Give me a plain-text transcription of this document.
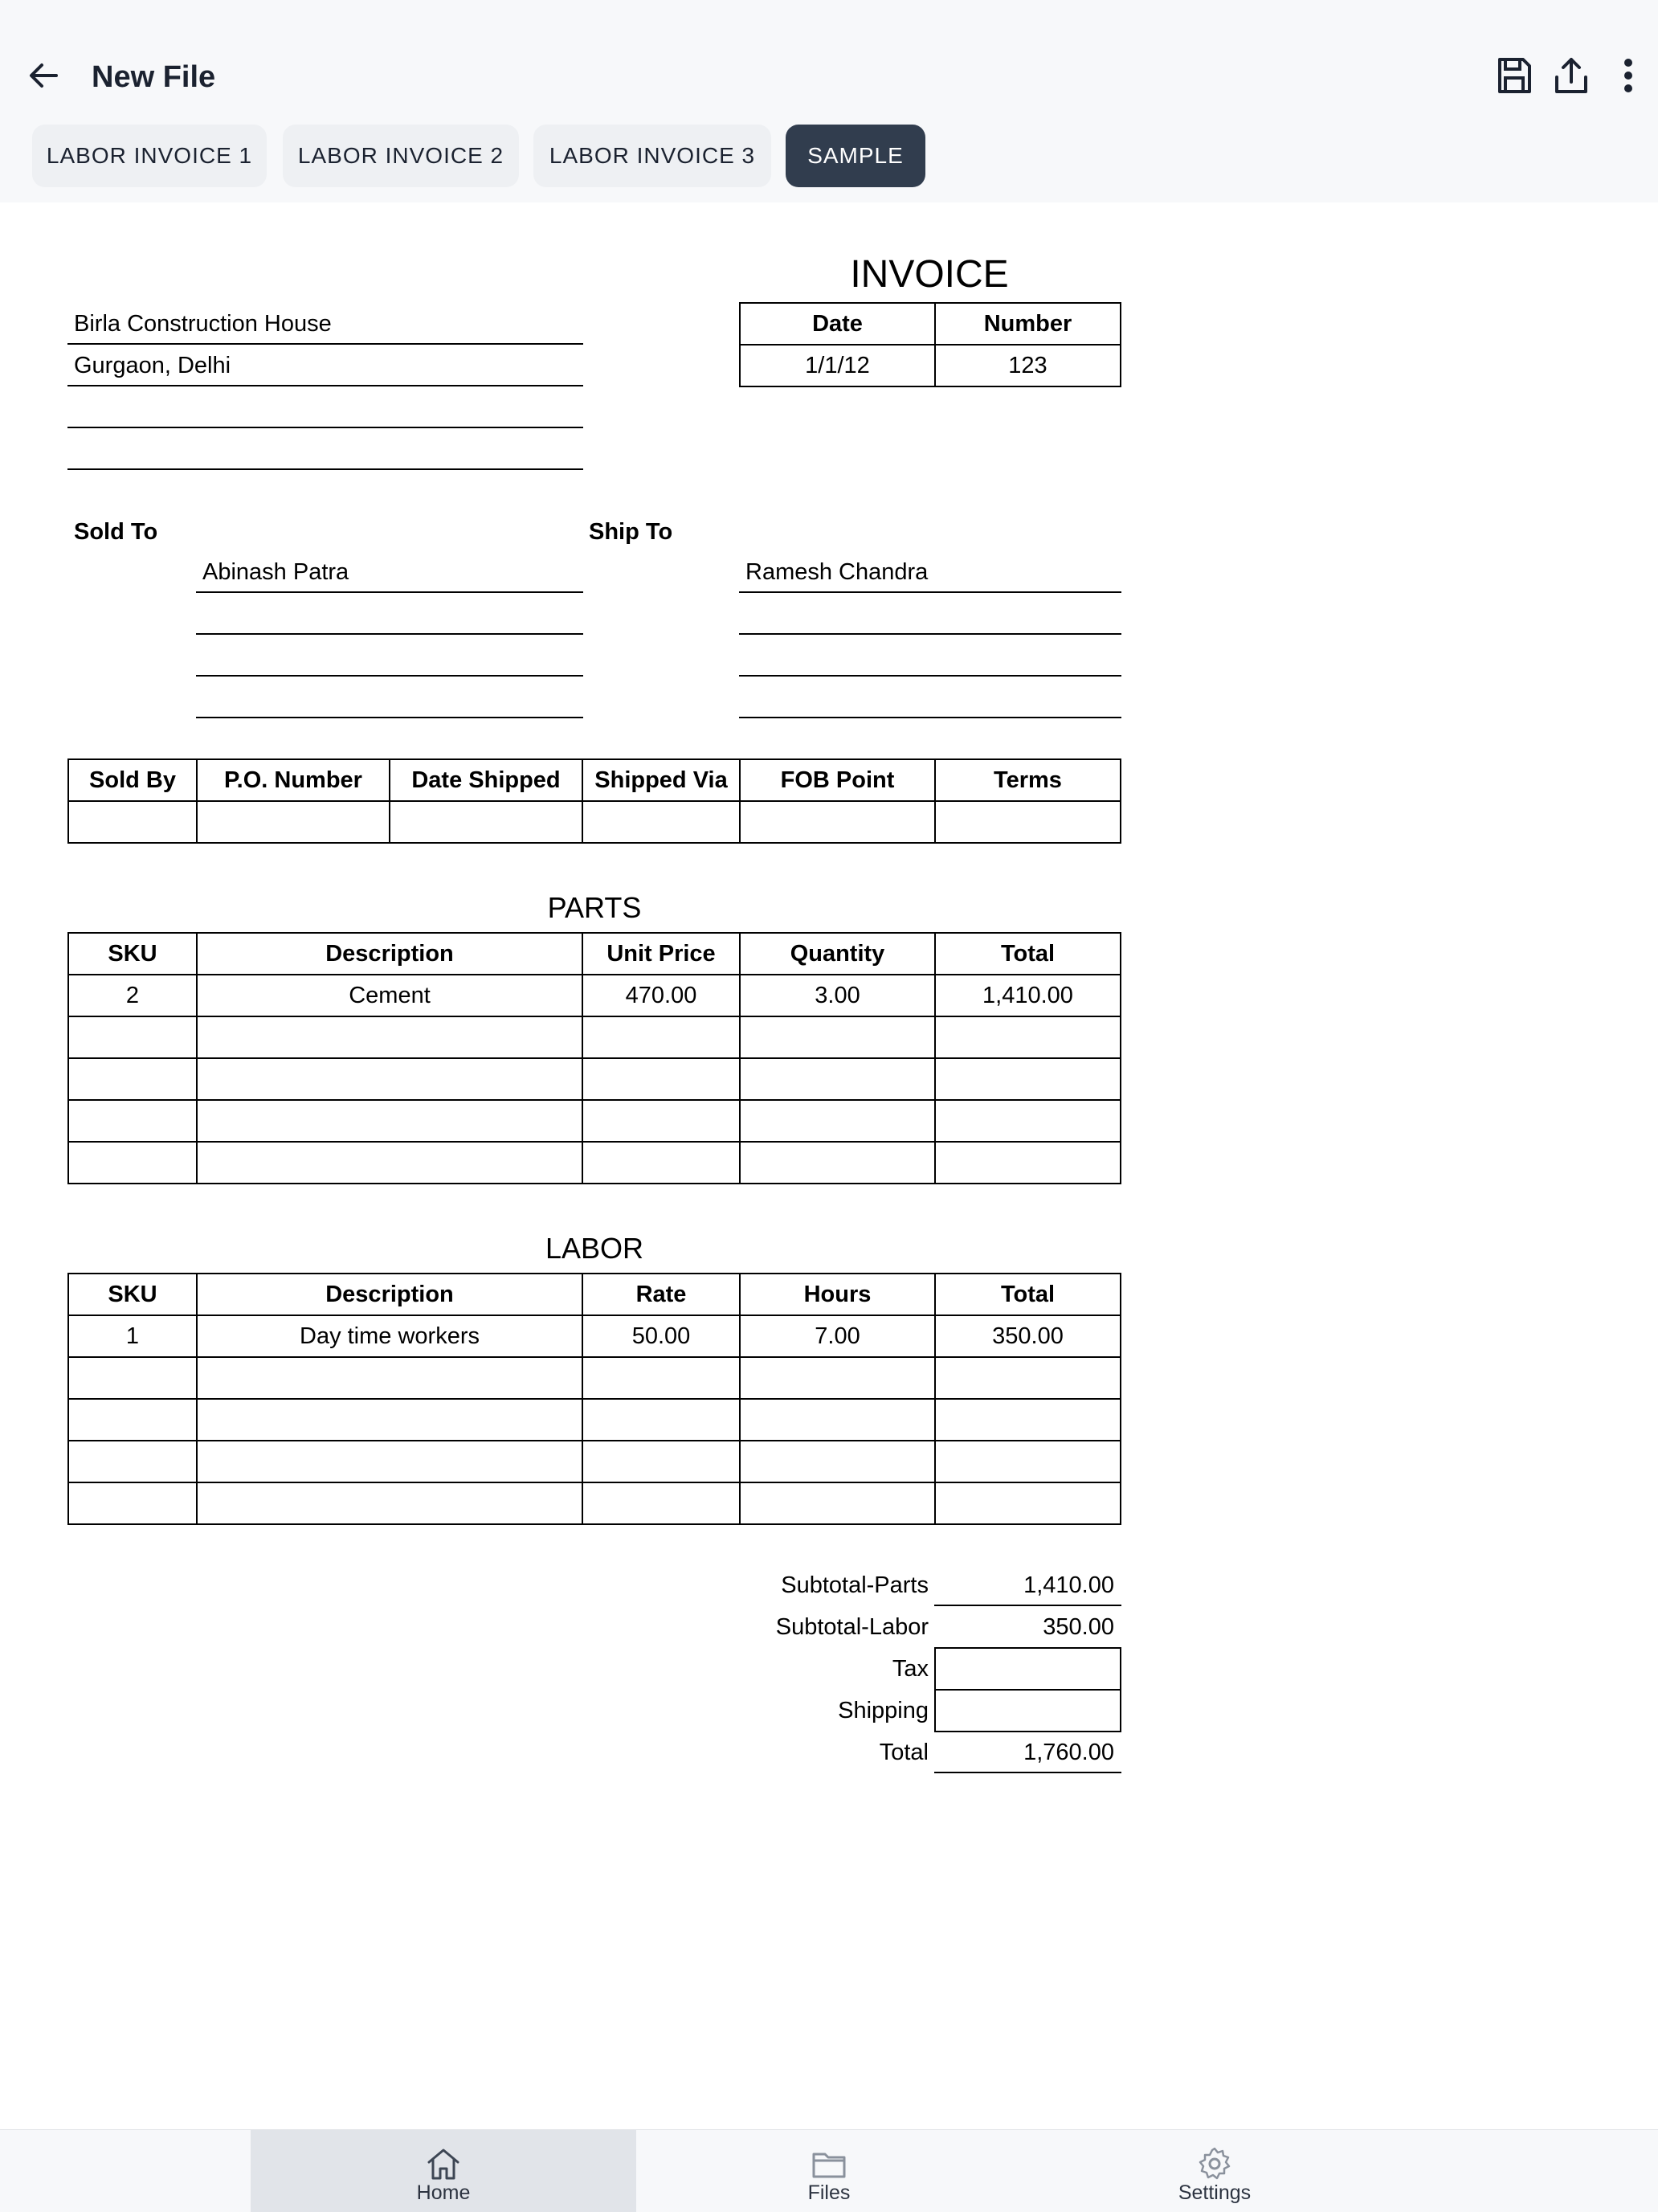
New File
LABOR INVOICE 1 LABOR INVOICE 2 LABOR INVOICE 3 SAMPLE
INVOICE
Birla Construction House
Gurgaon, Delhi
Date	Number
1/1/12	123
Sold To	Ship To
Abinash Patra	Ramesh Chandra
Sold By	P.O. Number	Date Shipped	Shipped Via	FOB Point	Terms
PARTS
SKU	Description	Unit Price	Quantity	Total
2	Cement	470.00	3.00	1,410.00
LABOR
SKU	Description	Rate	Hours	Total
1	Day time workers	50.00	7.00	350.00
Subtotal-Parts	1,410.00
Subtotal-Labor	350.00
Tax
Shipping
Total	1,760.00
Home	Files	Settings
